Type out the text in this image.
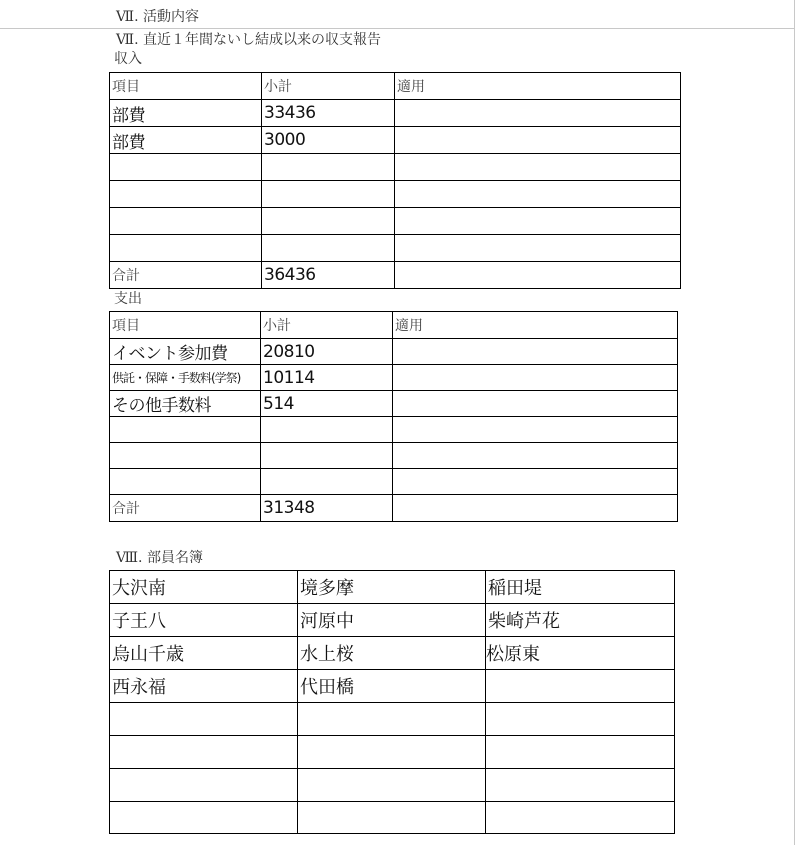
Ⅶ. 活動内容
Ⅶ. 直近１年間ないし結成以来の収支報告
収入
項目	小計	適用
部費	33436	
部費	3000	

合計	36436	
支出
項目	小計	適用
イベント参加費	20810	
供託・保障・手数料(学祭)	10114	
その他手数料	514	

合計	31348	
Ⅷ. 部員名簿
大沢南	境多摩	稲田堤
子王八	河原中	柴崎芦花
烏山千歳	水上桜	松原東
西永福	代田橋	
